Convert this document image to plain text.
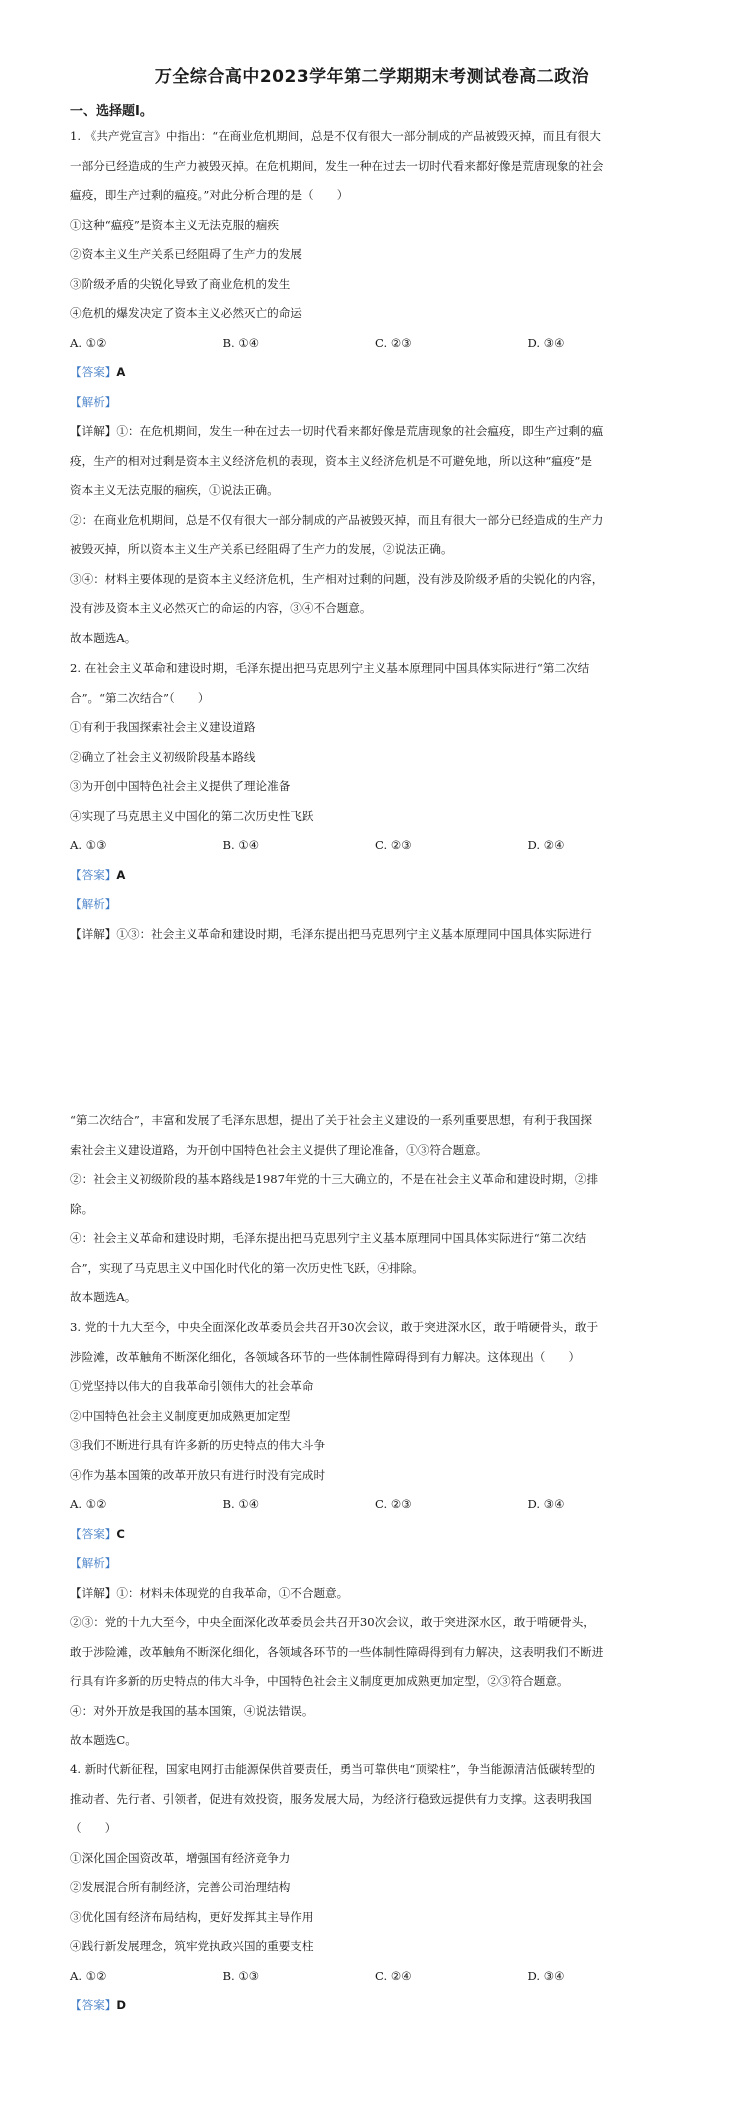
万全综合高中2023学年第二学期期末考测试卷高二政治
一、选择题I。

1. 《共产党宣言》中指出：“在商业危机期间，总是不仅有很大一部分制成的产品被毁灭掉，而且有很大

一部分已经造成的生产力被毁灭掉。在危机期间，发生一种在过去一切时代看来都好像是荒唐现象的社会

瘟疫，即生产过剩的瘟疫。”对此分析合理的是（　　）

①这种“瘟疫”是资本主义无法克服的痼疾

②资本主义生产关系已经阻碍了生产力的发展

③阶级矛盾的尖锐化导致了商业危机的发生

④危机的爆发决定了资本主义必然灭亡的命运

A. ①②	B. ①④	C. ②③	D. ③④

【答案】A

【解析】

【详解】①：在危机期间，发生一种在过去一切时代看来都好像是荒唐现象的社会瘟疫，即生产过剩的瘟

疫，生产的相对过剩是资本主义经济危机的表现，资本主义经济危机是不可避免地，所以这种“瘟疫”是

资本主义无法克服的痼疾，①说法正确。

②：在商业危机期间，总是不仅有很大一部分制成的产品被毁灭掉，而且有很大一部分已经造成的生产力

被毁灭掉，所以资本主义生产关系已经阻碍了生产力的发展，②说法正确。

③④：材料主要体现的是资本主义经济危机，生产相对过剩的问题，没有涉及阶级矛盾的尖锐化的内容，

没有涉及资本主义必然灭亡的命运的内容，③④不合题意。

故本题选A。

2. 在社会主义革命和建设时期，毛泽东提出把马克思列宁主义基本原理同中国具体实际进行“第二次结

合”。“第二次结合”（　　）

①有利于我国探索社会主义建设道路

②确立了社会主义初级阶段基本路线

③为开创中国特色社会主义提供了理论准备

④实现了马克思主义中国化的第二次历史性飞跃

A. ①③	B. ①④	C. ②③	D. ②④

【答案】A

【解析】

【详解】①③：社会主义革命和建设时期，毛泽东提出把马克思列宁主义基本原理同中国具体实际进行

“第二次结合”，丰富和发展了毛泽东思想，提出了关于社会主义建设的一系列重要思想，有利于我国探

索社会主义建设道路，为开创中国特色社会主义提供了理论准备，①③符合题意。

②：社会主义初级阶段的基本路线是1987年党的十三大确立的，不是在社会主义革命和建设时期，②排

除。

④：社会主义革命和建设时期，毛泽东提出把马克思列宁主义基本原理同中国具体实际进行“第二次结

合”，实现了马克思主义中国化时代化的第一次历史性飞跃，④排除。

故本题选A。

3. 党的十九大至今，中央全面深化改革委员会共召开30次会议，敢于突进深水区，敢于啃硬骨头，敢于

涉险滩，改革触角不断深化细化，各领域各环节的一些体制性障碍得到有力解决。这体现出（　　）

①党坚持以伟大的自我革命引领伟大的社会革命

②中国特色社会主义制度更加成熟更加定型

③我们不断进行具有许多新的历史特点的伟大斗争

④作为基本国策的改革开放只有进行时没有完成时

A. ①②	B. ①④	C. ②③	D. ③④

【答案】C

【解析】

【详解】①：材料未体现党的自我革命，①不合题意。

②③：党的十九大至今，中央全面深化改革委员会共召开30次会议，敢于突进深水区，敢于啃硬骨头，

敢于涉险滩，改革触角不断深化细化，各领域各环节的一些体制性障碍得到有力解决，这表明我们不断进

行具有许多新的历史特点的伟大斗争，中国特色社会主义制度更加成熟更加定型，②③符合题意。

④：对外开放是我国的基本国策，④说法错误。

故本题选C。

4. 新时代新征程，国家电网打击能源保供首要责任，勇当可靠供电“顶梁柱”，争当能源清洁低碳转型的

推动者、先行者、引领者，促进有效投资，服务发展大局，为经济行稳致远提供有力支撑。这表明我国

（　　）

①深化国企国资改革，增强国有经济竞争力

②发展混合所有制经济，完善公司治理结构

③优化国有经济布局结构，更好发挥其主导作用

④践行新发展理念，筑牢党执政兴国的重要支柱

A. ①②	B. ①③	C. ②④	D. ③④

【答案】D
